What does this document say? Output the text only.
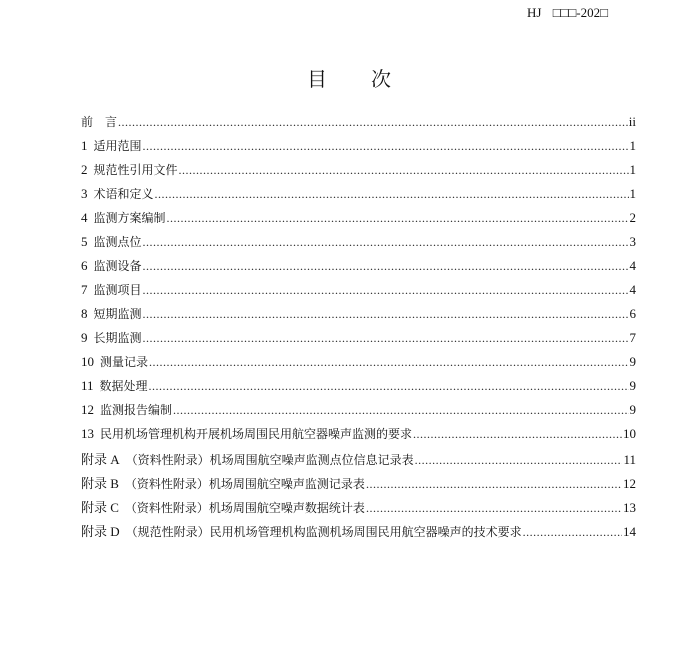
HJ □□□-202□
目 次
前　言 .....	ii
1 适用范围 .....	1
2 规范性引用文件 .....	1
3 术语和定义 .....	1
4 监测方案编制 .....	2
5 监测点位 .....	3
6 监测设备 .....	4
7 监测项目 .....	4
8 短期监测 .....	6
9 长期监测 .....	7
10 测量记录 .....	9
11 数据处理 .....	9
12 监测报告编制 .....	9
13 民用机场管理机构开展机场周围民用航空器噪声监测的要求 .....	10
附录 A （资料性附录）机场周围航空噪声监测点位信息记录表 .....	11
附录 B （资料性附录）机场周围航空噪声监测记录表 .....	12
附录 C （资料性附录）机场周围航空噪声数据统计表 .....	13
附录 D （规范性附录）民用机场管理机构监测机场周围民用航空器噪声的技术要求 .....	14
